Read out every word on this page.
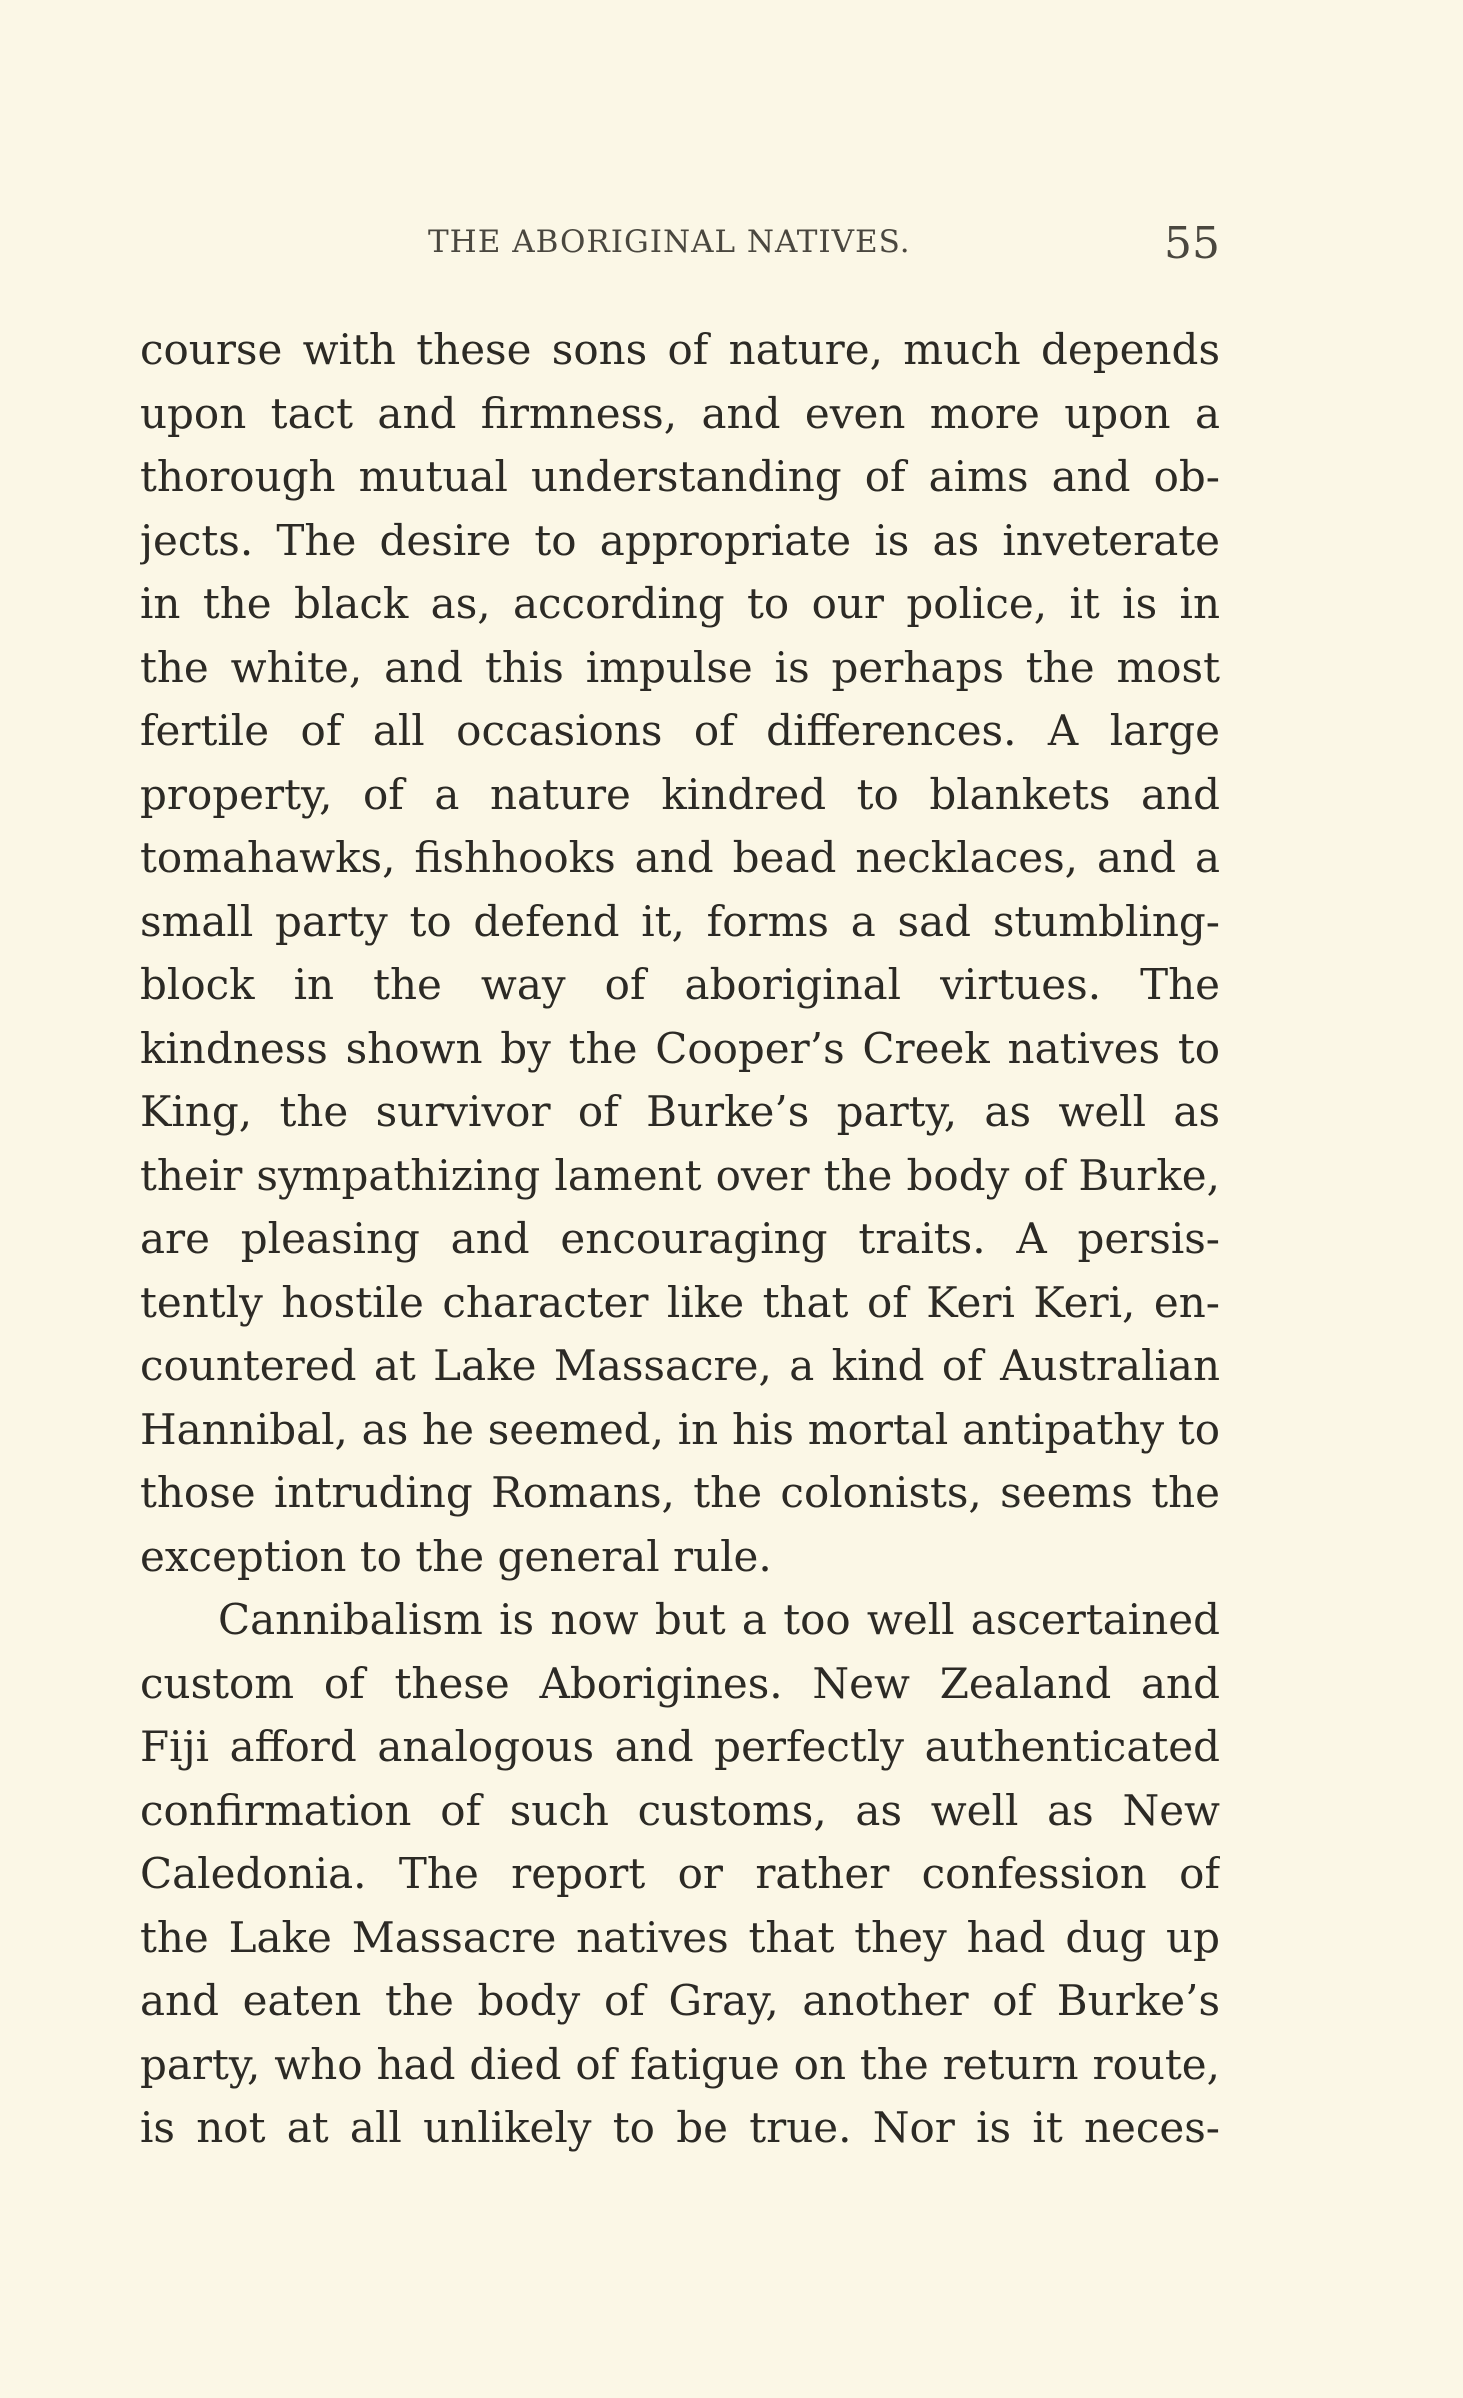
THE ABORIGINAL NATIVES.	55
course with these sons of nature, much depends
upon tact and firmness, and even more upon a
thorough mutual understanding of aims and ob-
jects. The desire to appropriate is as inveterate
in the black as, according to our police, it is in
the white, and this impulse is perhaps the most
fertile of all occasions of differences. A large
property, of a nature kindred to blankets and
tomahawks, fishhooks and bead necklaces, and a
small party to defend it, forms a sad stumbling-
block in the way of aboriginal virtues. The
kindness shown by the Cooper’s Creek natives to
King, the survivor of Burke’s party, as well as
their sympathizing lament over the body of Burke,
are pleasing and encouraging traits. A persis-
tently hostile character like that of Keri Keri, en-
countered at Lake Massacre, a kind of Australian
Hannibal, as he seemed, in his mortal antipathy to
those intruding Romans, the colonists, seems the
exception to the general rule.
Cannibalism is now but a too well ascertained
custom of these Aborigines. New Zealand and
Fiji afford analogous and perfectly authenticated
confirmation of such customs, as well as New
Caledonia. The report or rather confession of
the Lake Massacre natives that they had dug up
and eaten the body of Gray, another of Burke’s
party, who had died of fatigue on the return route,
is not at all unlikely to be true. Nor is it neces-
